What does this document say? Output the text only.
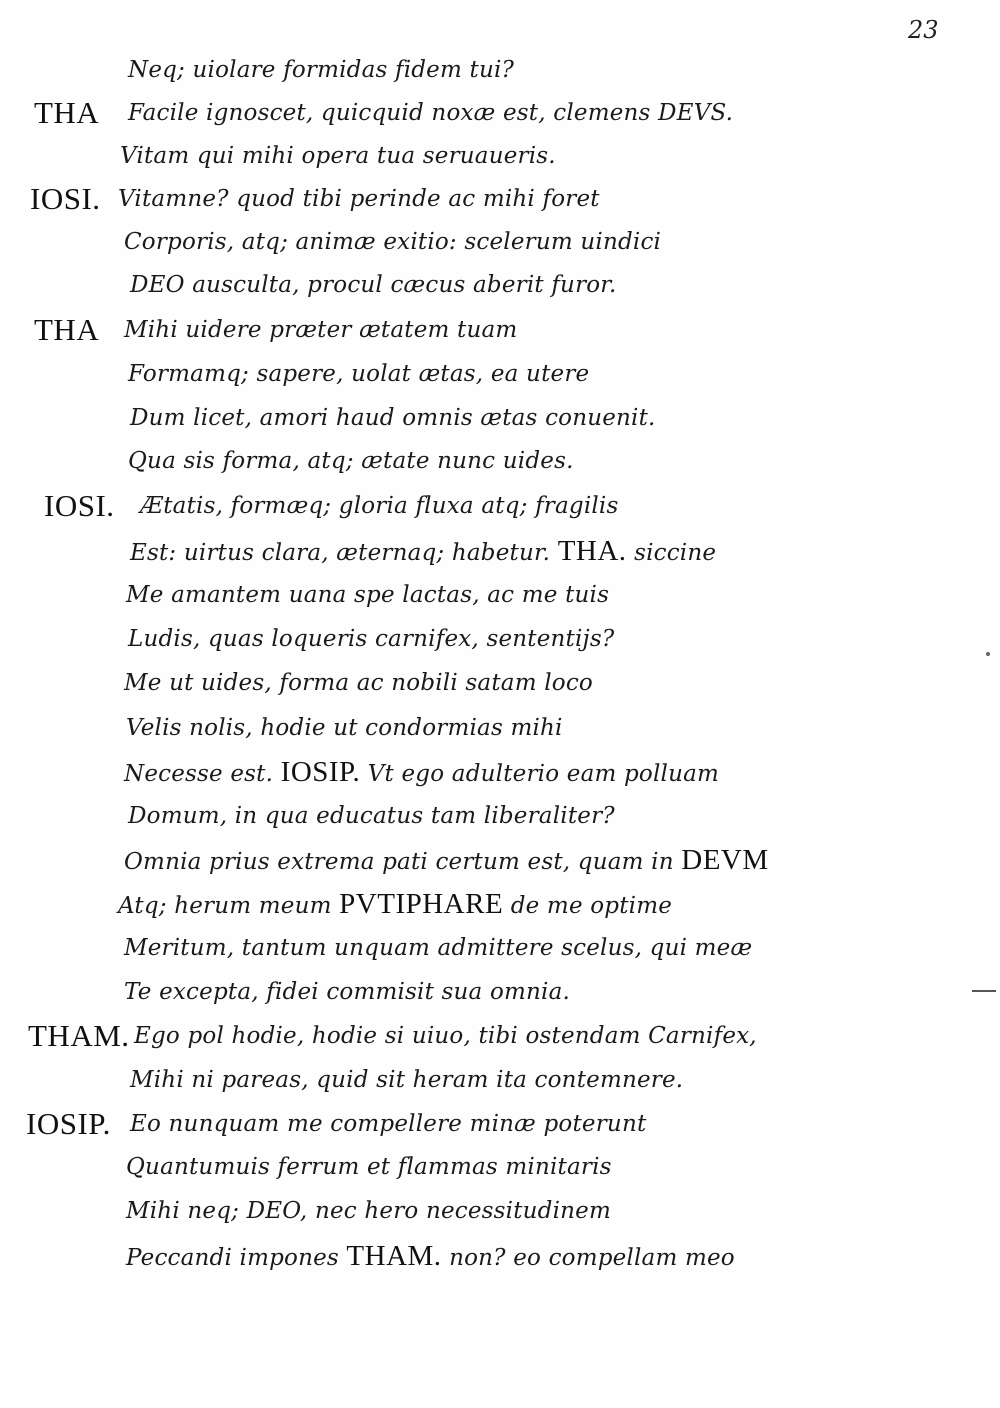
23
Neq; uiolare formidas fidem tui?
THA Facile ignoscet, quicquid noxæ est, clemens DEVS.
Vitam qui mihi opera tua seruaueris.
IOSI. Vitamne? quod tibi perinde ac mihi foret
Corporis, atq; animæ exitio: scelerum uindici
DEO ausculta, procul cæcus aberit furor.
THA Mihi uidere præter ætatem tuam
Formamq; sapere, uolat ætas, ea utere
Dum licet, amori haud omnis ætas conuenit.
Qua sis forma, atq; ætate nunc uides.
IOSI. Ætatis, formæq; gloria fluxa atq; fragilis
Est: uirtus clara, æternaq; habetur. THA. siccine
Me amantem uana spe lactas, ac me tuis
Ludis, quas loqueris carnifex, sententijs?
Me ut uides, forma ac nobili satam loco
Velis nolis, hodie ut condormias mihi
Necesse est. IOSIP. Vt ego adulterio eam polluam
Domum, in qua educatus tam liberaliter?
Omnia prius extrema pati certum est, quam in DEVM
Atq; herum meum PVTIPHARE de me optime
Meritum, tantum unquam admittere scelus, qui meæ
Te excepta, fidei commisit sua omnia.
THAM. Ego pol hodie, hodie si uiuo, tibi ostendam Carnifex,
Mihi ni pareas, quid sit heram ita contemnere.
IOSIP. Eo nunquam me compellere minæ poterunt
Quantumuis ferrum et flammas minitaris
Mihi neq; DEO, nec hero necessitudinem
Peccandi impones THAM. non? eo compellam meo
